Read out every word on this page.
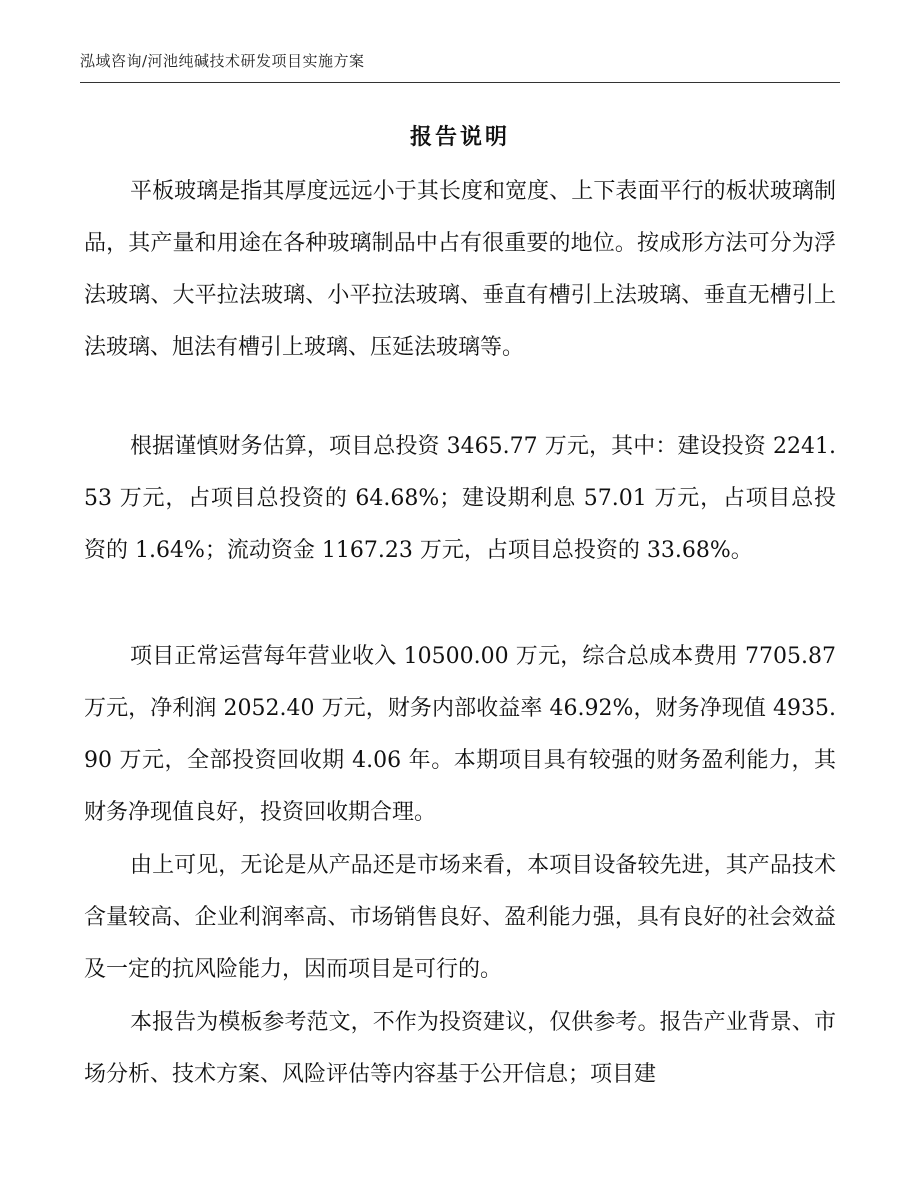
泓域咨询/河池纯碱技术研发项目实施方案
报告说明

平板玻璃是指其厚度远远小于其长度和宽度、上下表面平行的板状玻璃制品，其产量和用途在各种玻璃制品中占有很重要的地位。按成形方法可分为浮法玻璃、大平拉法玻璃、小平拉法玻璃、垂直有槽引上法玻璃、垂直无槽引上法玻璃、旭法有槽引上玻璃、压延法玻璃等。

根据谨慎财务估算，项目总投资 3465.77 万元，其中：建设投资 2241.53 万元，占项目总投资的 64.68%；建设期利息 57.01 万元，占项目总投资的 1.64%；流动资金 1167.23 万元，占项目总投资的 33.68%。

项目正常运营每年营业收入 10500.00 万元，综合总成本费用 7705.87 万元，净利润 2052.40 万元，财务内部收益率 46.92%，财务净现值 4935.90 万元，全部投资回收期 4.06 年。本期项目具有较强的财务盈利能力，其财务净现值良好，投资回收期合理。

由上可见，无论是从产品还是市场来看，本项目设备较先进，其产品技术含量较高、企业利润率高、市场销售良好、盈利能力强，具有良好的社会效益及一定的抗风险能力，因而项目是可行的。

本报告为模板参考范文，不作为投资建议，仅供参考。报告产业背景、市场分析、技术方案、风险评估等内容基于公开信息；项目建
